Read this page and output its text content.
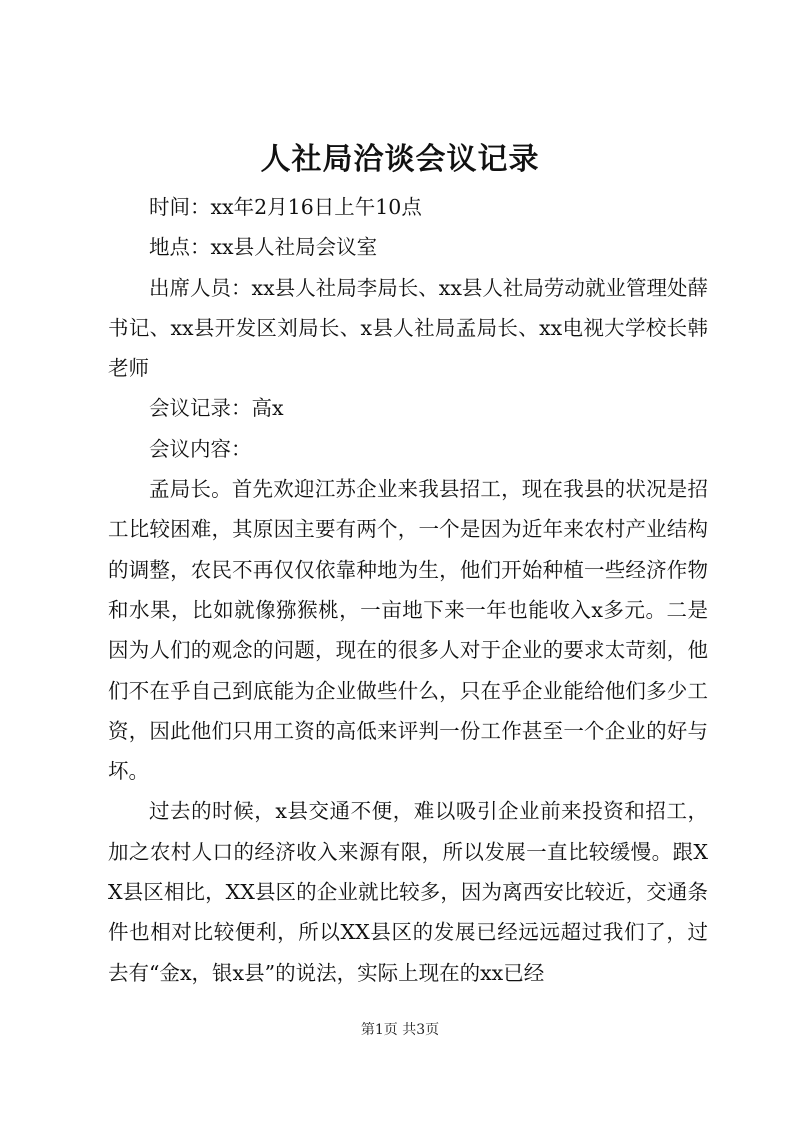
人社局洽谈会议记录

时间：xx年2月16日上午10点

地点：xx县人社局会议室

出席人员：xx县人社局李局长、xx县人社局劳动就业管理处薛书记、xx县开发区刘局长、x县人社局孟局长、xx电视大学校长韩老师

会议记录：高x

会议内容：

孟局长。首先欢迎江苏企业来我县招工，现在我县的状况是招工比较困难，其原因主要有两个，一个是因为近年来农村产业结构的调整，农民不再仅仅依靠种地为生，他们开始种植一些经济作物和水果，比如就像猕猴桃，一亩地下来一年也能收入x多元。二是因为人们的观念的问题，现在的很多人对于企业的要求太苛刻，他们不在乎自己到底能为企业做些什么，只在乎企业能给他们多少工资，因此他们只用工资的高低来评判一份工作甚至一个企业的好与坏。

过去的时候，x县交通不便，难以吸引企业前来投资和招工，加之农村人口的经济收入来源有限，所以发展一直比较缓慢。跟XX县区相比，XX县区的企业就比较多，因为离西安比较近，交通条件也相对比较便利，所以XX县区的发展已经远远超过我们了，过去有“金x，银x县”的说法，实际上现在的xx已经

第1页 共3页
